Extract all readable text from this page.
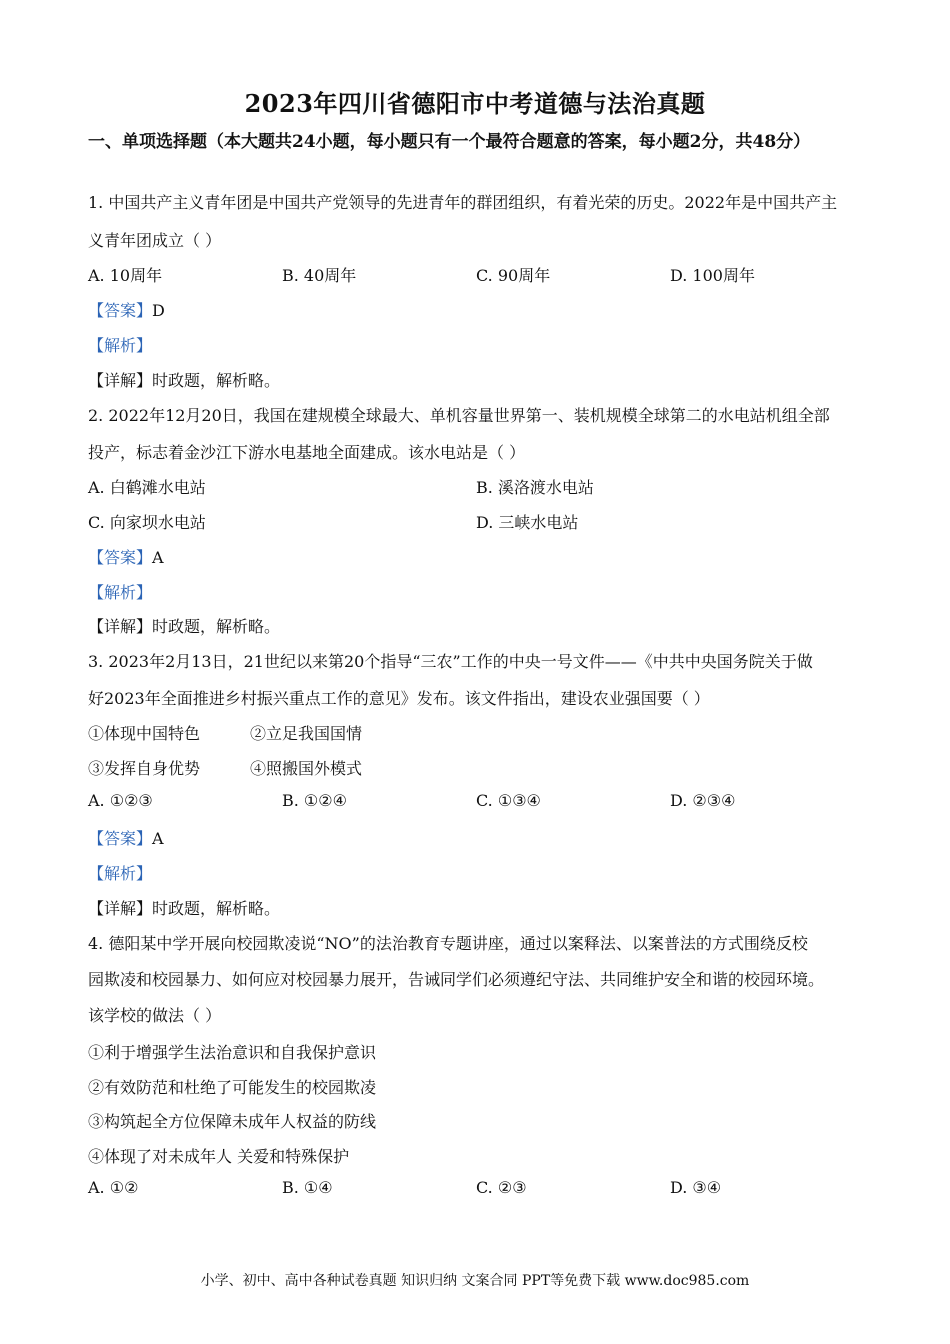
2023年四川省德阳市中考道德与法治真题
一、单项选择题（本大题共24小题，每小题只有一个最符合题意的答案，每小题2分，共48分）
1. 中国共产主义青年团是中国共产党领导的先进青年的群团组织，有着光荣的历史。2022年是中国共产主
义青年团成立（ ）
A. 10周年	B. 40周年	C. 90周年	D. 100周年
【答案】D
【解析】
【详解】时政题，解析略。
2. 2022年12月20日，我国在建规模全球最大、单机容量世界第一、装机规模全球第二的水电站机组全部
投产，标志着金沙江下游水电基地全面建成。该水电站是（ ）
A. 白鹤滩水电站	B. 溪洛渡水电站
C. 向家坝水电站	D. 三峡水电站
【答案】A
【解析】
【详解】时政题，解析略。
3. 2023年2月13日，21世纪以来第20个指导“三农”工作的中央一号文件——《中共中央国务院关于做
好2023年全面推进乡村振兴重点工作的意见》发布。该文件指出，建设农业强国要（ ）
①体现中国特色	②立足我国国情
③发挥自身优势	④照搬国外模式
A. ①②③	B. ①②④	C. ①③④	D. ②③④
【答案】A
【解析】
【详解】时政题，解析略。
4. 德阳某中学开展向校园欺凌说“NO”的法治教育专题讲座，通过以案释法、以案普法的方式围绕反校
园欺凌和校园暴力、如何应对校园暴力展开，告诫同学们必须遵纪守法、共同维护安全和谐的校园环境。
该学校的做法（ ）
①利于增强学生法治意识和自我保护意识
②有效防范和杜绝了可能发生的校园欺凌
③构筑起全方位保障未成年人权益的防线
④体现了对未成年人 关爱和特殊保护
A. ①②	B. ①④	C. ②③	D. ③④
小学、初中、高中各种试卷真题 知识归纳 文案合同 PPT等免费下载 www.doc985.com
